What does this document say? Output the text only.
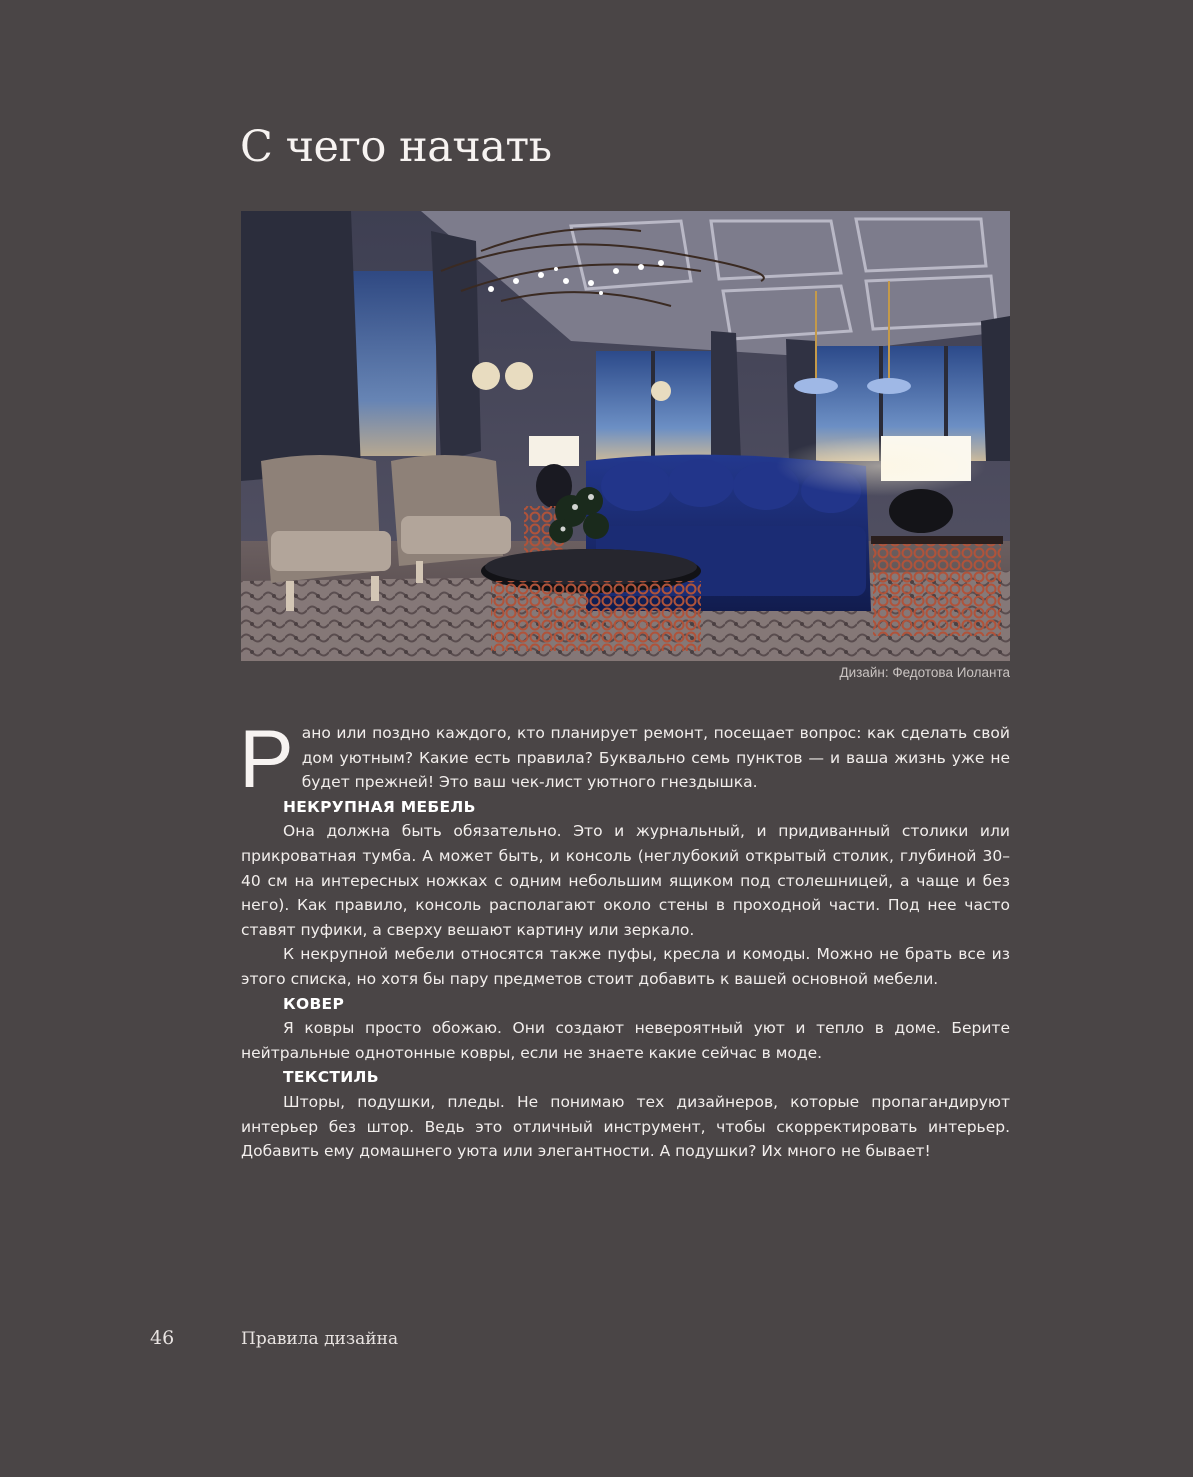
С чего начать
Дизайн: Федотова Иоланта

Рано или поздно каждого, кто планирует ремонт, посещает вопрос: как сделать свой дом уютным? Какие есть правила? Буквально семь пунктов — и ваша жизнь уже не будет прежней! Это ваш чек-лист уютного гнездышка.

НЕКРУПНАЯ МЕБЕЛЬ

Она должна быть обязательно. Это и журнальный, и придиванный столики или прикроватная тумба. А может быть, и консоль (неглубокий открытый столик, глубиной 30–40 см на интересных ножках с одним небольшим ящиком под столешницей, а чаще и без него). Как правило, консоль располагают около стены в проходной части. Под нее часто ставят пуфики, а сверху вешают картину или зеркало.

К некрупной мебели относятся также пуфы, кресла и комоды. Можно не брать все из этого списка, но хотя бы пару предметов стоит добавить к вашей основной мебели.

КОВЕР

Я ковры просто обожаю. Они создают невероятный уют и тепло в доме. Берите нейтральные однотонные ковры, если не знаете какие сейчас в моде.

ТЕКСТИЛЬ

Шторы, подушки, пледы. Не понимаю тех дизайнеров, которые пропагандируют интерьер без штор. Ведь это отличный инструмент, чтобы скорректировать интерьер. Добавить ему домашнего уюта или элегантности. А подушки? Их много не бывает!

46	Правила дизайна
